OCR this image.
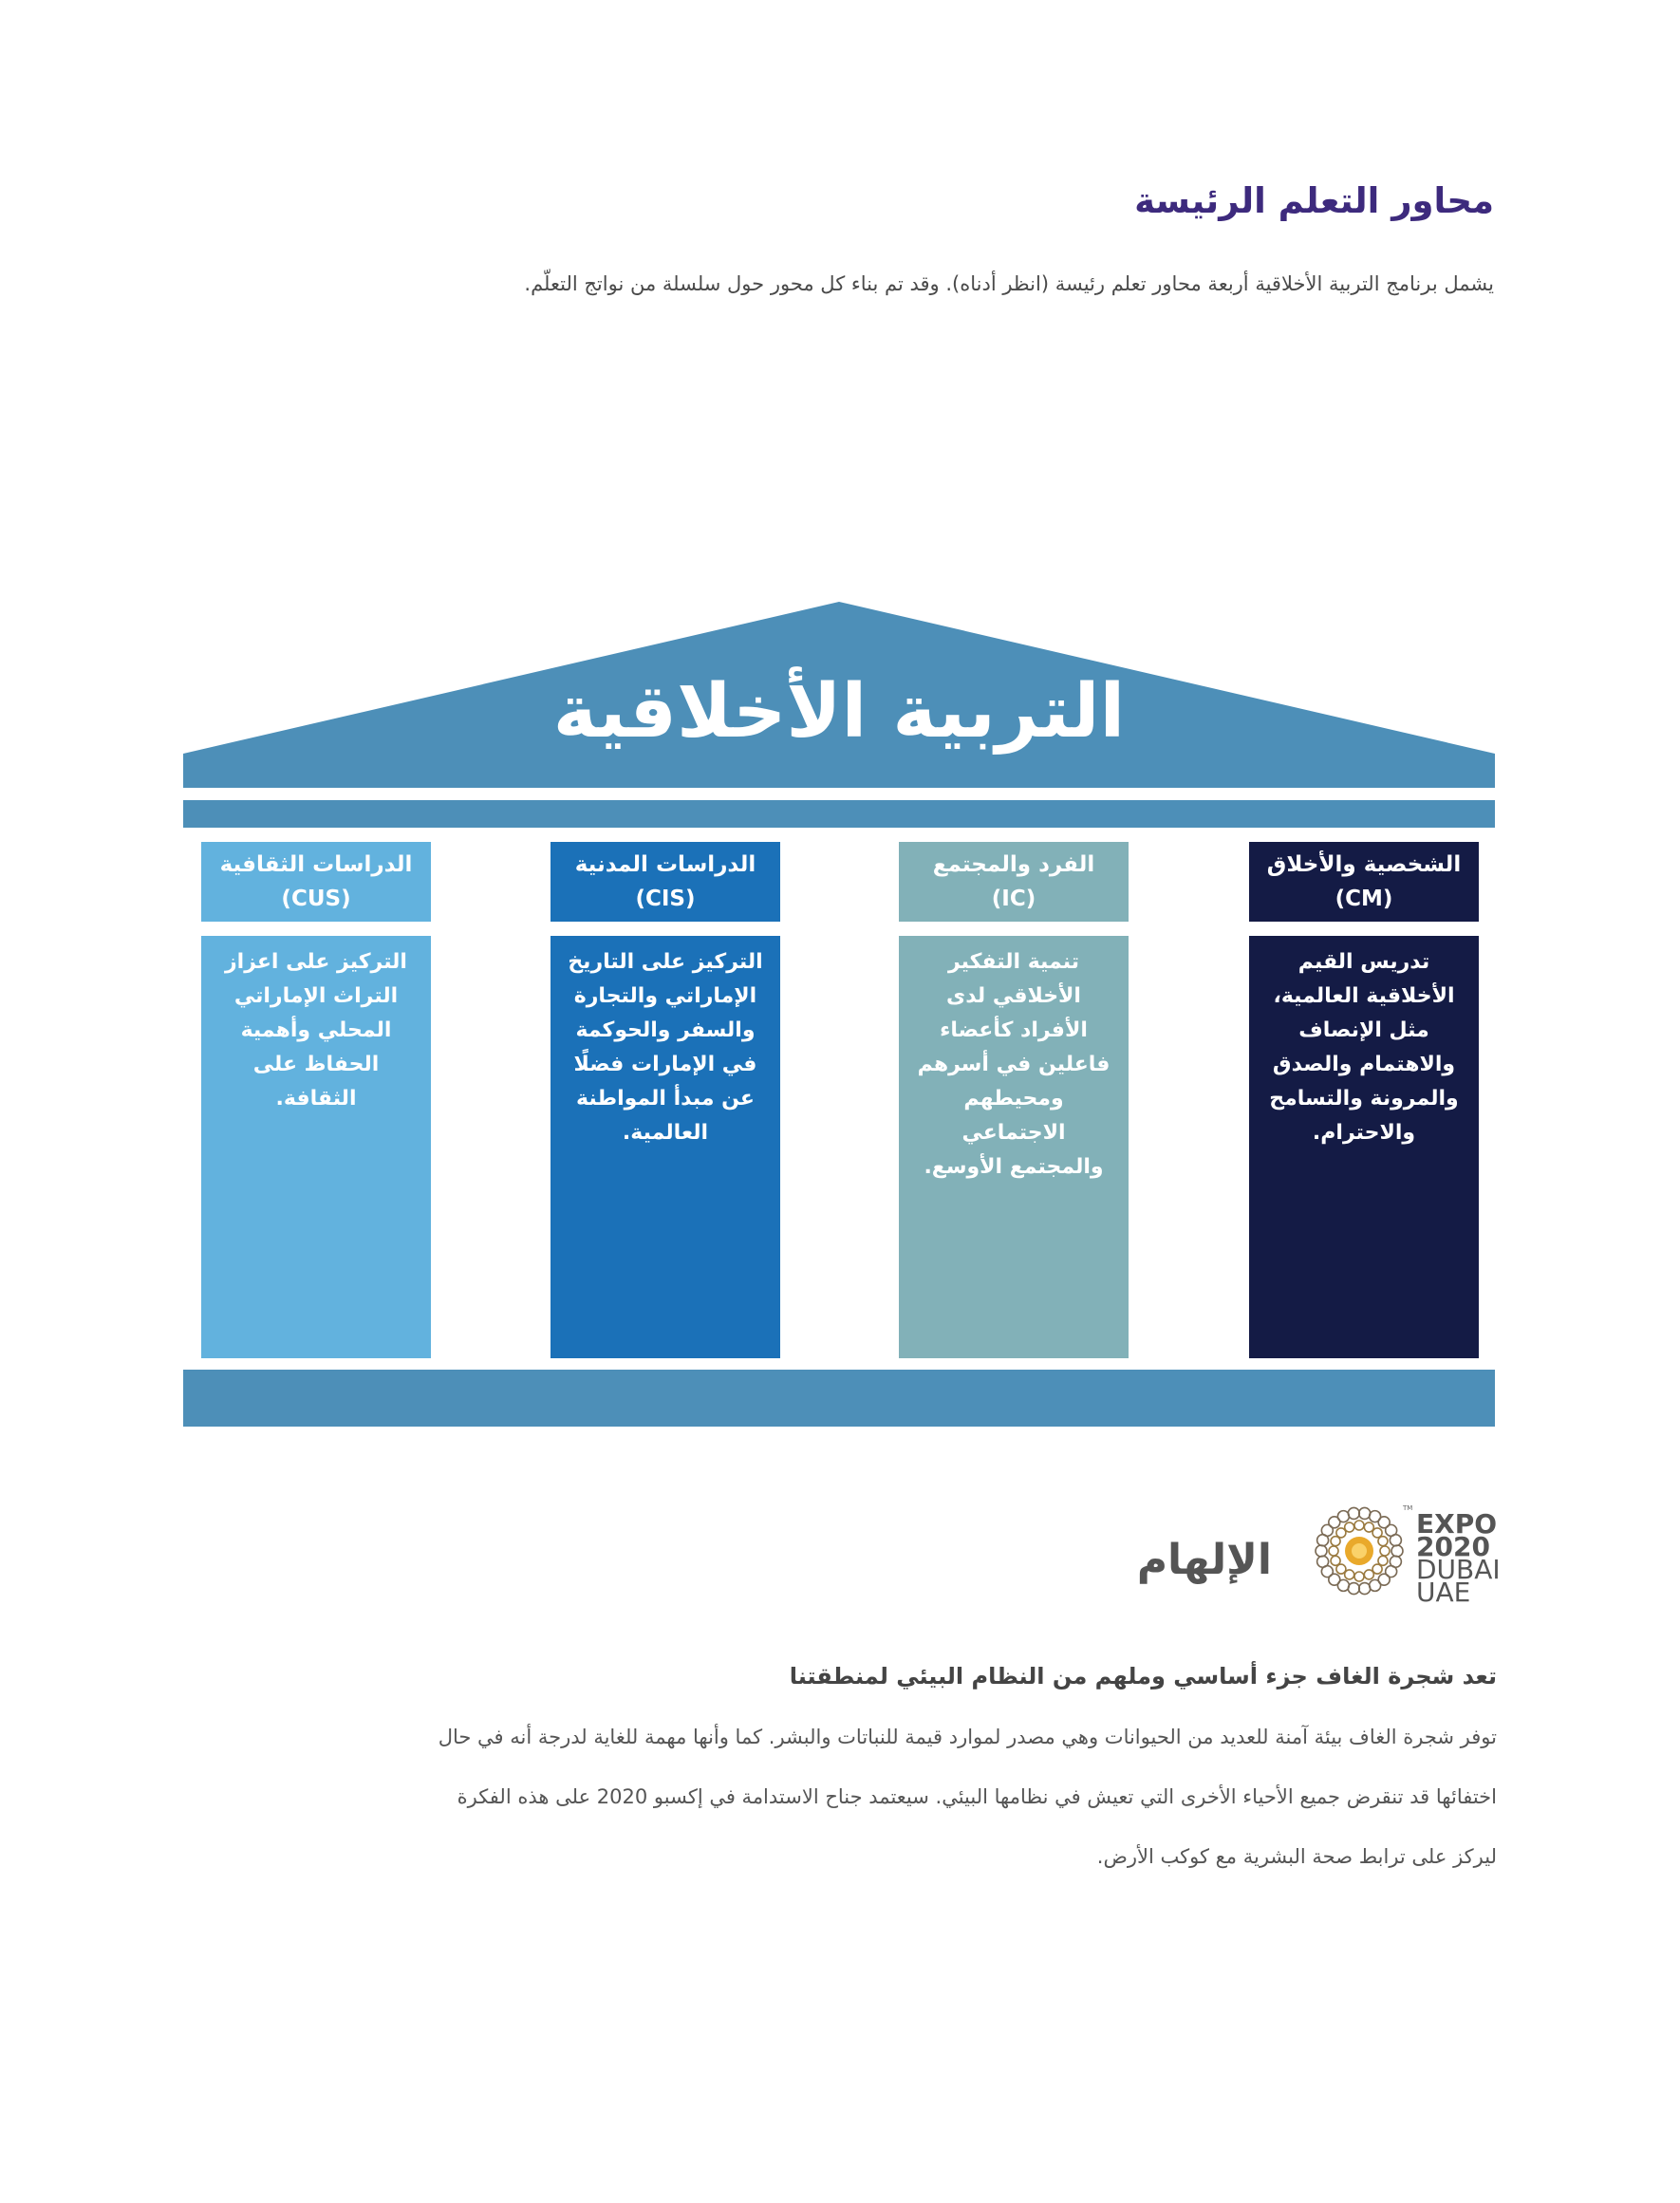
محاور التعلم الرئيسة
يشمل برنامج التربية الأخلاقية أربعة محاور تعلم رئيسة (انظر أدناه). وقد تم بناء كل محور حول سلسلة من نواتج التعلّم.
التربية الأخلاقية
الشخصية والأخلاق
(CM)
تدريس القيم
الأخلاقية العالمية،
مثل الإنصاف
والاهتمام والصدق
والمرونة والتسامح
والاحترام.
الفرد والمجتمع
(IC)
تنمية التفكير
الأخلاقي لدى
الأفراد كأعضاء
فاعلين في أسرهم
ومحيطهم
الاجتماعي
والمجتمع الأوسع.
الدراسات المدنية
(CIS)
التركيز على التاريخ
الإماراتي والتجارة
والسفر والحوكمة
في الإمارات فضلًا
عن مبدأ المواطنة
العالمية.
الدراسات الثقافية
(CUS)
التركيز على اعزاز
التراث الإماراتي
المحلي وأهمية
الحفاظ على
الثقافة.
EXPO
2020
DUBAI
UAE
TM
الإلهام
تعد شجرة الغاف جزء أساسي وملهم من النظام البيئي لمنطقتنا
توفر شجرة الغاف بيئة آمنة للعديد من الحيوانات وهي مصدر لموارد قيمة للنباتات والبشر. كما وأنها مهمة للغاية لدرجة أنه في حال
اختفائها قد تنقرض جميع الأحياء الأخرى التي تعيش في نظامها البيئي. سيعتمد جناح الاستدامة في إكسبو 2020 على هذه الفكرة
ليركز على ترابط صحة البشرية مع كوكب الأرض.
